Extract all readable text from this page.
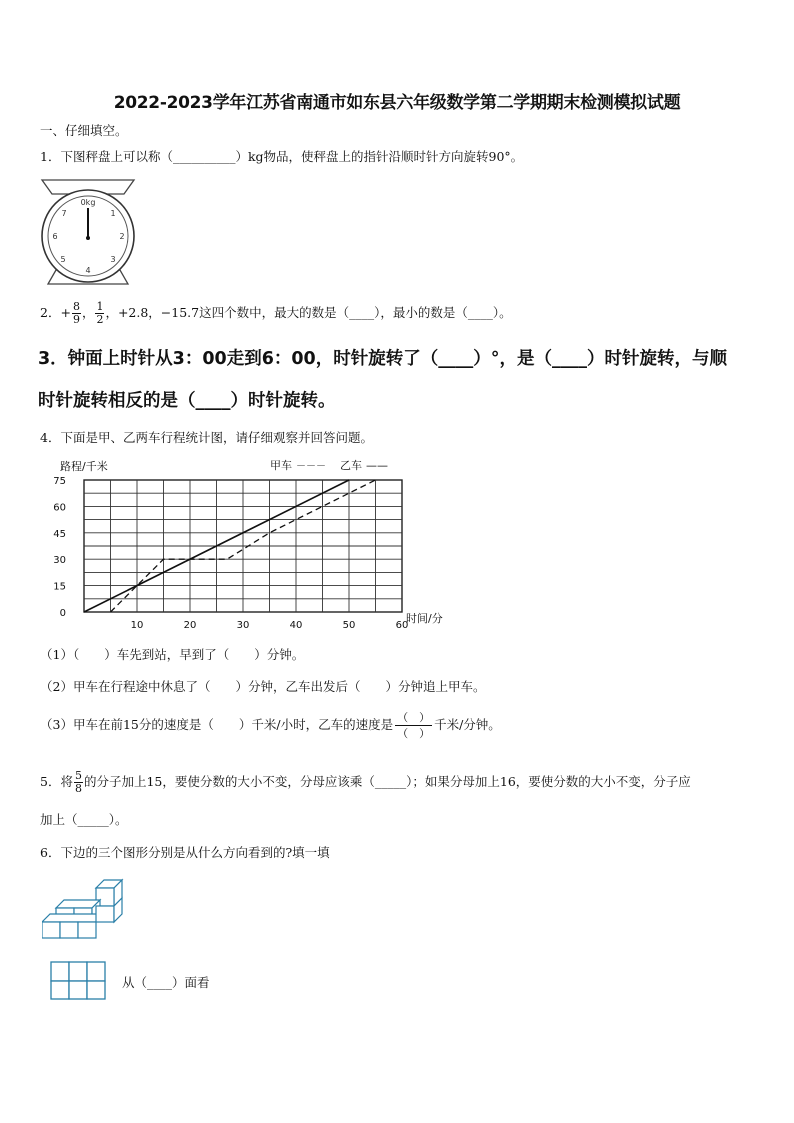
2022-2023学年江苏省南通市如东县六年级数学第二学期期末检测模拟试题
一、仔细填空。
1．下图秤盘上可以称（__________）kg物品，使秤盘上的指针沿顺时针方向旋转90°。
0kg
7	1
6	2
5	3
4
2．+ $\frac{8}{9}$ ， $\frac{1}{2}$ ，+2.8，−15.7这四个数中，最大的数是（____），最小的数是（____）。
3．钟面上时针从3：00走到6：00，时针旋转了（____）°，是（____）时针旋转，与顺
时针旋转相反的是（____）时针旋转。
4．下面是甲、乙两车行程统计图，请仔细观察并回答问题。
0
15
30
45
60
75
10	20	30	40	50	60
路程/千米
时间/分
甲车 －－－ 乙车 ——
（1）（　　）车先到站，早到了（　　）分钟。
（2）甲车在行程途中休息了（　　）分钟，乙车出发后（　　）分钟追上甲车。
（3）甲车在前15分的速度是（　　）千米/小时，乙车的速度是 （　）
（　）
千米/分钟。
5．将 $\frac{5}{8}$ 的分子加上15，要使分数的大小不变，分母应该乘（_____）；如果分母加上16，要使分数的大小不变，分子应
加上（_____）。
6．下边的三个图形分别是从什么方向看到的?填一填
从（____）面看
